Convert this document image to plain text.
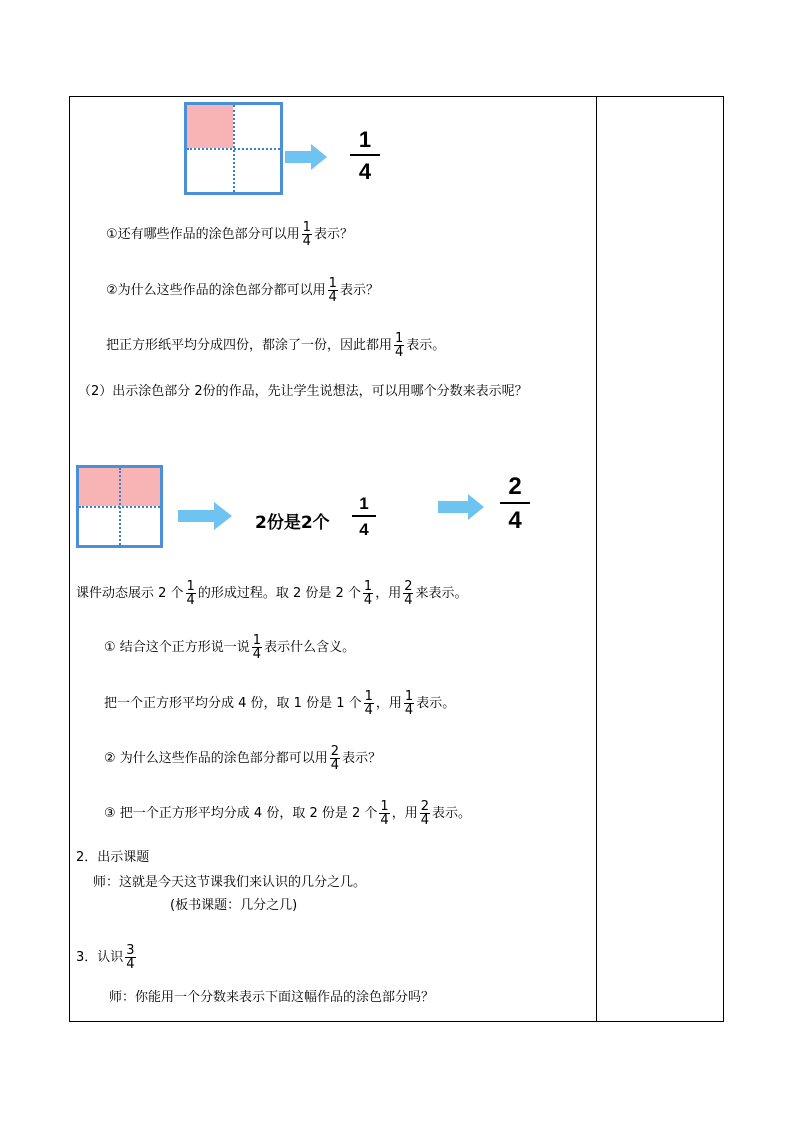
1
4
①还有哪些作品的涂色部分可以用 $\frac{1}{4}$ 表示？
②为什么这些作品的涂色部分都可以用 $\frac{1}{4}$ 表示？
把正方形纸平均分成四份，都涂了一份，因此都用 $\frac{1}{4}$ 表示。
（2）出示涂色部分 2份的作品，先让学生说想法，可以用哪个分数来表示呢？
2份是2个
1
4
2
4
课件动态展示 2 个 $\frac{1}{4}$ 的形成过程。取 2 份是 2 个 $\frac{1}{4}$ ，用 $\frac{2}{4}$ 来表示。
① 结合这个正方形说一说 $\frac{1}{4}$ 表示什么含义。
把一个正方形平均分成 4 份，取 1 份是 1 个 $\frac{1}{4}$ ，用 $\frac{1}{4}$ 表示。
② 为什么这些作品的涂色部分都可以用 $\frac{2}{4}$ 表示？
③ 把一个正方形平均分成 4 份，取 2 份是 2 个 $\frac{1}{4}$ ，用 $\frac{2}{4}$ 表示。
2．出示课题
师：这就是今天这节课我们来认识的几分之几。
(板书课题：几分之几)
3．认识 $\frac{3}{4}$
师：你能用一个分数来表示下面这幅作品的涂色部分吗？
